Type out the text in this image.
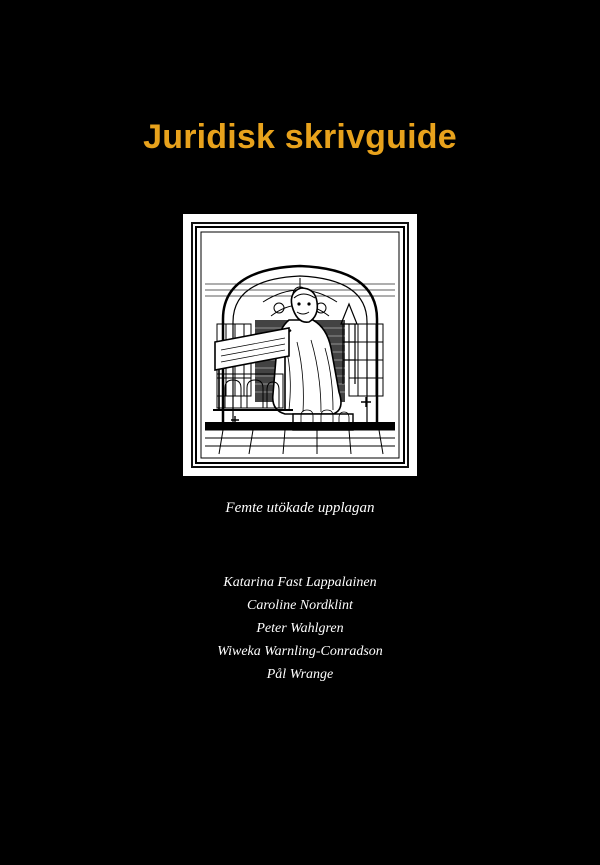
Juridisk skrivguide
Femte utökade upplagan
Katarina Fast Lappalainen
Caroline Nordklint
Peter Wahlgren
Wiweka Warnling-Conradson
Pål Wrange
